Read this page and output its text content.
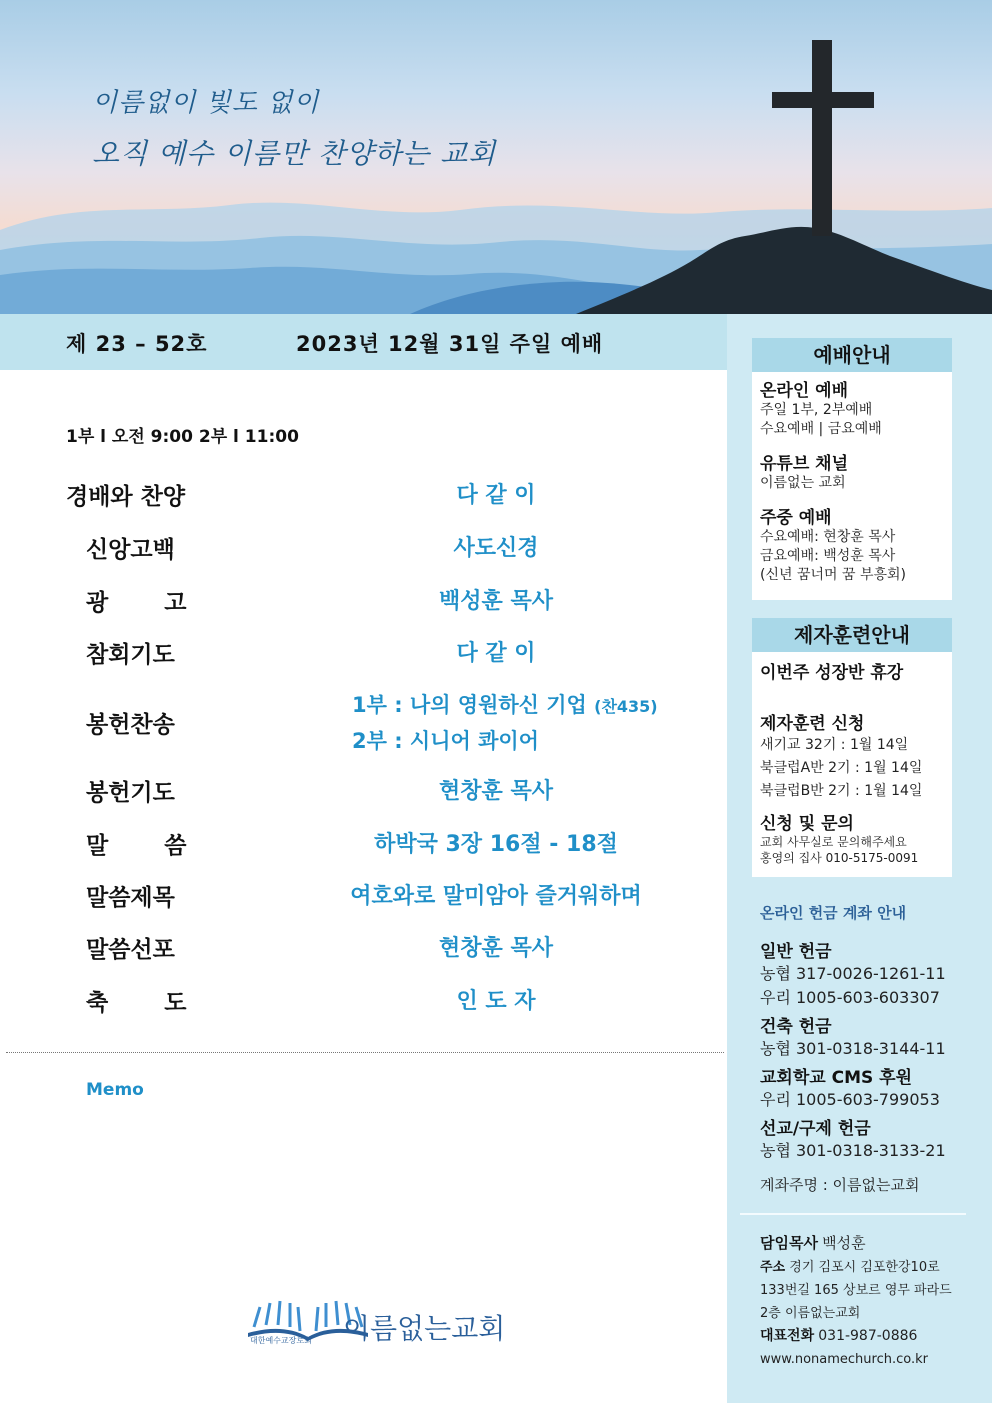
이름없이 빛도 없이
오직 예수 이름만 찬양하는 교회
제 23 – 52호	2023년 12월 31일 주일 예배
1부 l 오전 9:00 2부 l 11:00
경배와 찬양	다 같 이
신앙고백	사도신경
광       고	백성훈 목사
참회기도	다 같 이
봉헌찬송
1부 : 나의 영원하신 기업 (찬435)
2부 : 시니어 콰이어
봉헌기도	현창훈 목사
말       씀	하박국 3장 16절 - 18절
말씀제목	여호와로 말미암아 즐거워하며
말씀선포	현창훈 목사
축       도	인 도 자
Memo
대한예수교장로회 이름없는교회
예배안내
온라인 예배
주일 1부, 2부예배
수요예배 | 금요예배
유튜브 채널
이름없는 교회
주중 예배
수요예배: 현창훈 목사
금요예배: 백성훈 목사
(신년 꿈너머 꿈 부흥회)
제자훈련안내
이번주 성장반 휴강
제자훈련 신청
새기교 32기 : 1월 14일
북클럽A반 2기 : 1월 14일
북클럽B반 2기 : 1월 14일
신청 및 문의
교회 사무실로 문의해주세요
홍영의 집사 010-5175-0091
온라인 헌금 계좌 안내
일반 헌금
농협 317-0026-1261-11
우리 1005-603-603307
건축 헌금
농협 301-0318-3144-11
교회학교 CMS 후원
우리 1005-603-799053
선교/구제 헌금
농협 301-0318-3133-21
계좌주명 : 이름없는교회
담임목사 백성훈
주소 경기 김포시 김포한강10로
133번길 165 상보르 영무 파라드
2층 이름없는교회
대표전화 031-987-0886
www.nonamechurch.co.kr
